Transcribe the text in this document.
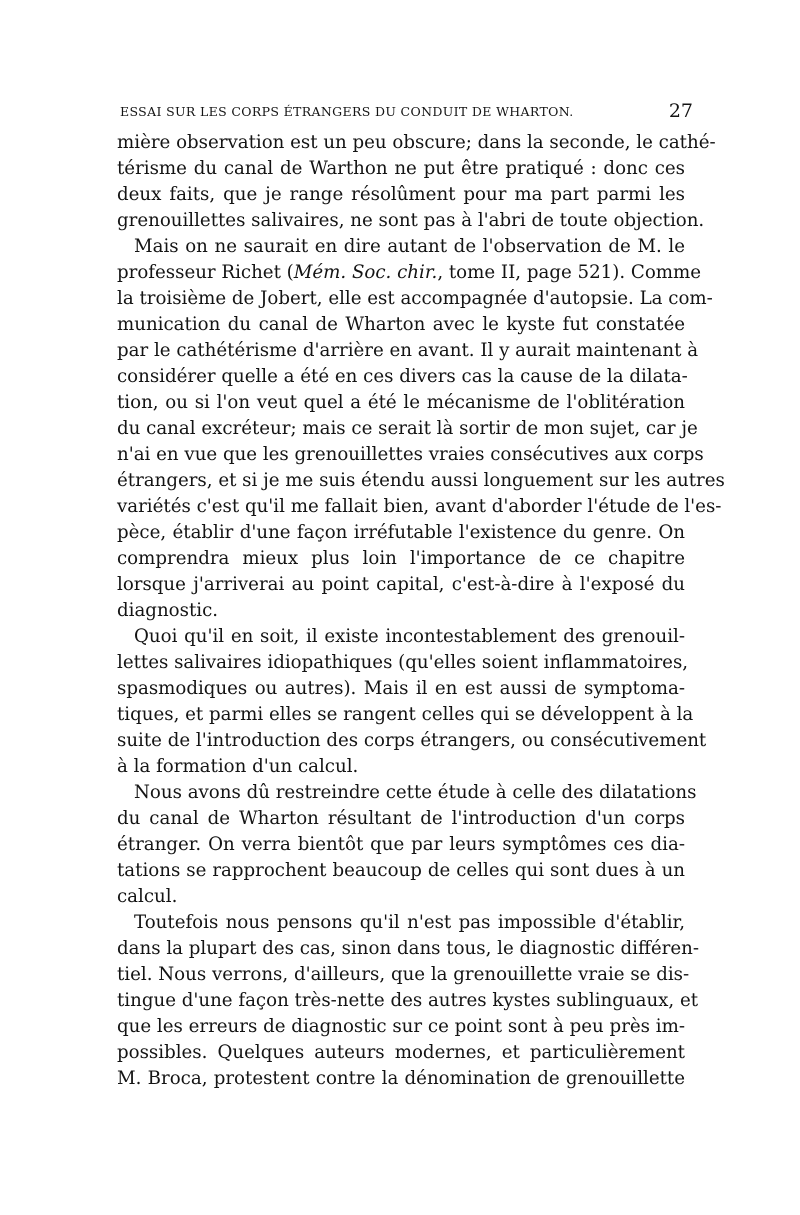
ESSAI SUR LES CORPS ÉTRANGERS DU CONDUIT DE WHARTON.	27
mière observation est un peu obscure; dans la seconde, le cathé-
térisme du canal de Warthon ne put être pratiqué : donc ces
deux faits, que je range résolûment pour ma part parmi les
grenouillettes salivaires, ne sont pas à l'abri de toute objection.
Mais on ne saurait en dire autant de l'observation de M. le
professeur Richet (Mém. Soc. chir., tome II, page 521). Comme
la troisième de Jobert, elle est accompagnée d'autopsie. La com-
munication du canal de Wharton avec le kyste fut constatée
par le cathétérisme d'arrière en avant. Il y aurait maintenant à
considérer quelle a été en ces divers cas la cause de la dilata-
tion, ou si l'on veut quel a été le mécanisme de l'oblitération
du canal excréteur; mais ce serait là sortir de mon sujet, car je
n'ai en vue que les grenouillettes vraies consécutives aux corps
étrangers, et si je me suis étendu aussi longuement sur les autres
variétés c'est qu'il me fallait bien, avant d'aborder l'étude de l'es-
pèce, établir d'une façon irréfutable l'existence du genre. On
comprendra mieux plus loin l'importance de ce chapitre
lorsque j'arriverai au point capital, c'est-à-dire à l'exposé du
diagnostic.
Quoi qu'il en soit, il existe incontestablement des grenouil-
lettes salivaires idiopathiques (qu'elles soient inflammatoires,
spasmodiques ou autres). Mais il en est aussi de symptoma-
tiques, et parmi elles se rangent celles qui se développent à la
suite de l'introduction des corps étrangers, ou consécutivement
à la formation d'un calcul.
Nous avons dû restreindre cette étude à celle des dilatations
du canal de Wharton résultant de l'introduction d'un corps
étranger. On verra bientôt que par leurs symptômes ces dia-
tations se rapprochent beaucoup de celles qui sont dues à un
calcul.
Toutefois nous pensons qu'il n'est pas impossible d'établir,
dans la plupart des cas, sinon dans tous, le diagnostic différen-
tiel. Nous verrons, d'ailleurs, que la grenouillette vraie se dis-
tingue d'une façon très-nette des autres kystes sublinguaux, et
que les erreurs de diagnostic sur ce point sont à peu près im-
possibles. Quelques auteurs modernes, et particulièrement
M. Broca, protestent contre la dénomination de grenouillette
